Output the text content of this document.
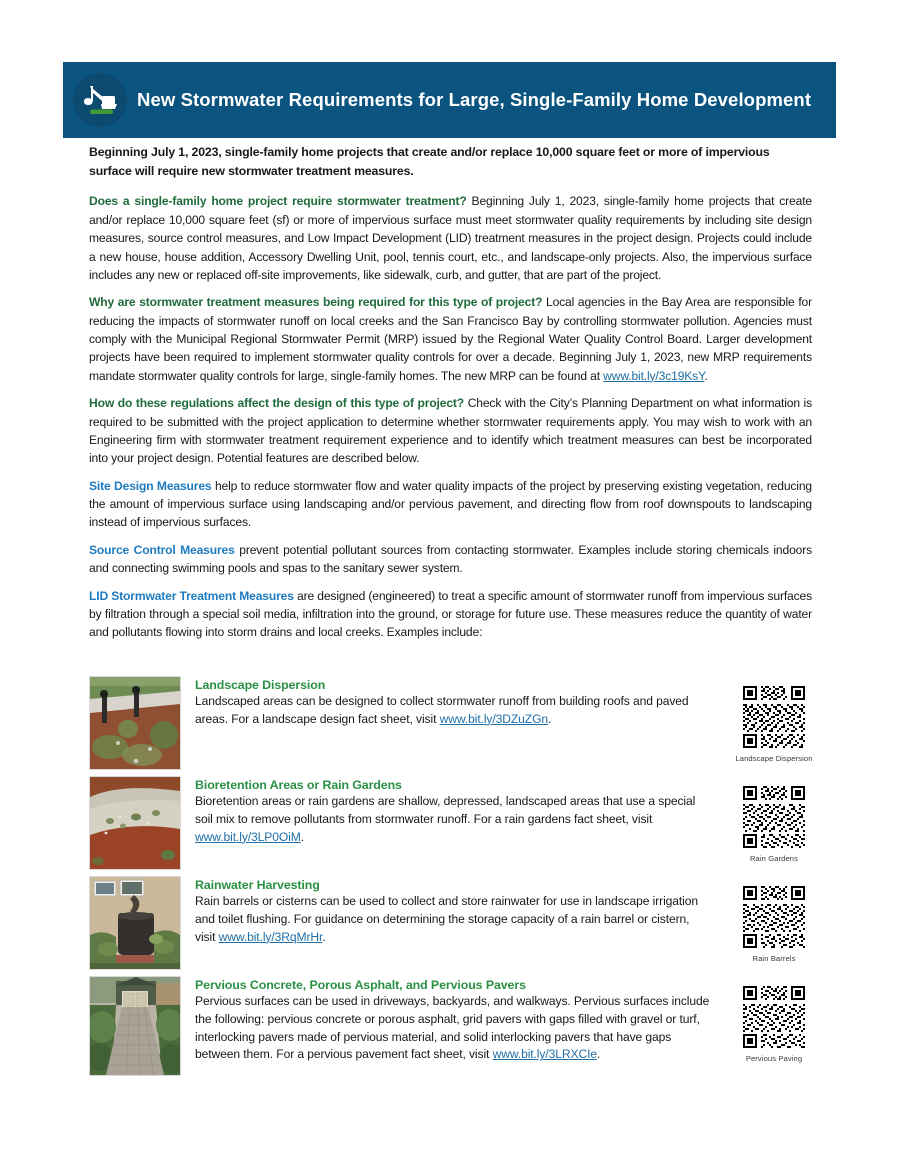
New Stormwater Requirements for Large, Single-Family Home Development

Beginning July 1, 2023, single-family home projects that create and/or replace 10,000 square feet or more of impervious surface will require new stormwater treatment measures.

Does a single-family home project require stormwater treatment? Beginning July 1, 2023, single-family home projects that create and/or replace 10,000 square feet (sf) or more of impervious surface must meet stormwater quality requirements by including site design measures, source control measures, and Low Impact Development (LID) treatment measures in the project design. Projects could include a new house, house addition, Accessory Dwelling Unit, pool, tennis court, etc., and landscape-only projects. Also, the impervious surface includes any new or replaced off-site improvements, like sidewalk, curb, and gutter, that are part of the project.

Why are stormwater treatment measures being required for this type of project? Local agencies in the Bay Area are responsible for reducing the impacts of stormwater runoff on local creeks and the San Francisco Bay by controlling stormwater pollution. Agencies must comply with the Municipal Regional Stormwater Permit (MRP) issued by the Regional Water Quality Control Board. Larger development projects have been required to implement stormwater quality controls for over a decade. Beginning July 1, 2023, new MRP requirements mandate stormwater quality controls for large, single-family homes. The new MRP can be found at www.bit.ly/3c19KsY.

How do these regulations affect the design of this type of project? Check with the City’s Planning Department on what information is required to be submitted with the project application to determine whether stormwater requirements apply. You may wish to work with an Engineering firm with stormwater treatment requirement experience and to identify which treatment measures can best be incorporated into your project design. Potential features are described below.

Site Design Measures help to reduce stormwater flow and water quality impacts of the project by preserving existing vegetation, reducing the amount of impervious surface using landscaping and/or pervious pavement, and directing flow from roof downspouts to landscaping instead of impervious surfaces.

Source Control Measures prevent potential pollutant sources from contacting stormwater. Examples include storing chemicals indoors and connecting swimming pools and spas to the sanitary sewer system.

LID Stormwater Treatment Measures are designed (engineered) to treat a specific amount of stormwater runoff from impervious surfaces by filtration through a special soil media, infiltration into the ground, or storage for future use. These measures reduce the quantity of water and pollutants flowing into storm drains and local creeks. Examples include:

Landscape Dispersion

Landscaped areas can be designed to collect stormwater runoff from building roofs and paved areas. For a landscape design fact sheet, visit www.bit.ly/3DZuZGn.

Landscape Dispersion
Bioretention Areas or Rain Gardens

Bioretention areas or rain gardens are shallow, depressed, landscaped areas that use a special soil mix to remove pollutants from stormwater runoff. For a rain gardens fact sheet, visit www.bit.ly/3LP0OiM.

Rain Gardens
Rainwater Harvesting

Rain barrels or cisterns can be used to collect and store rainwater for use in landscape irrigation and toilet flushing. For guidance on determining the storage capacity of a rain barrel or cistern, visit www.bit.ly/3RqMrHr.

Rain Barrels
Pervious Concrete, Porous Asphalt, and Pervious Pavers

Pervious surfaces can be used in driveways, backyards, and walkways. Pervious surfaces include the following: pervious concrete or porous asphalt, grid pavers with gaps filled with gravel or turf, interlocking pavers made of pervious material, and solid interlocking pavers that have gaps between them. For a pervious pavement fact sheet, visit www.bit.ly/3LRXCIe.	Pervious Paving
